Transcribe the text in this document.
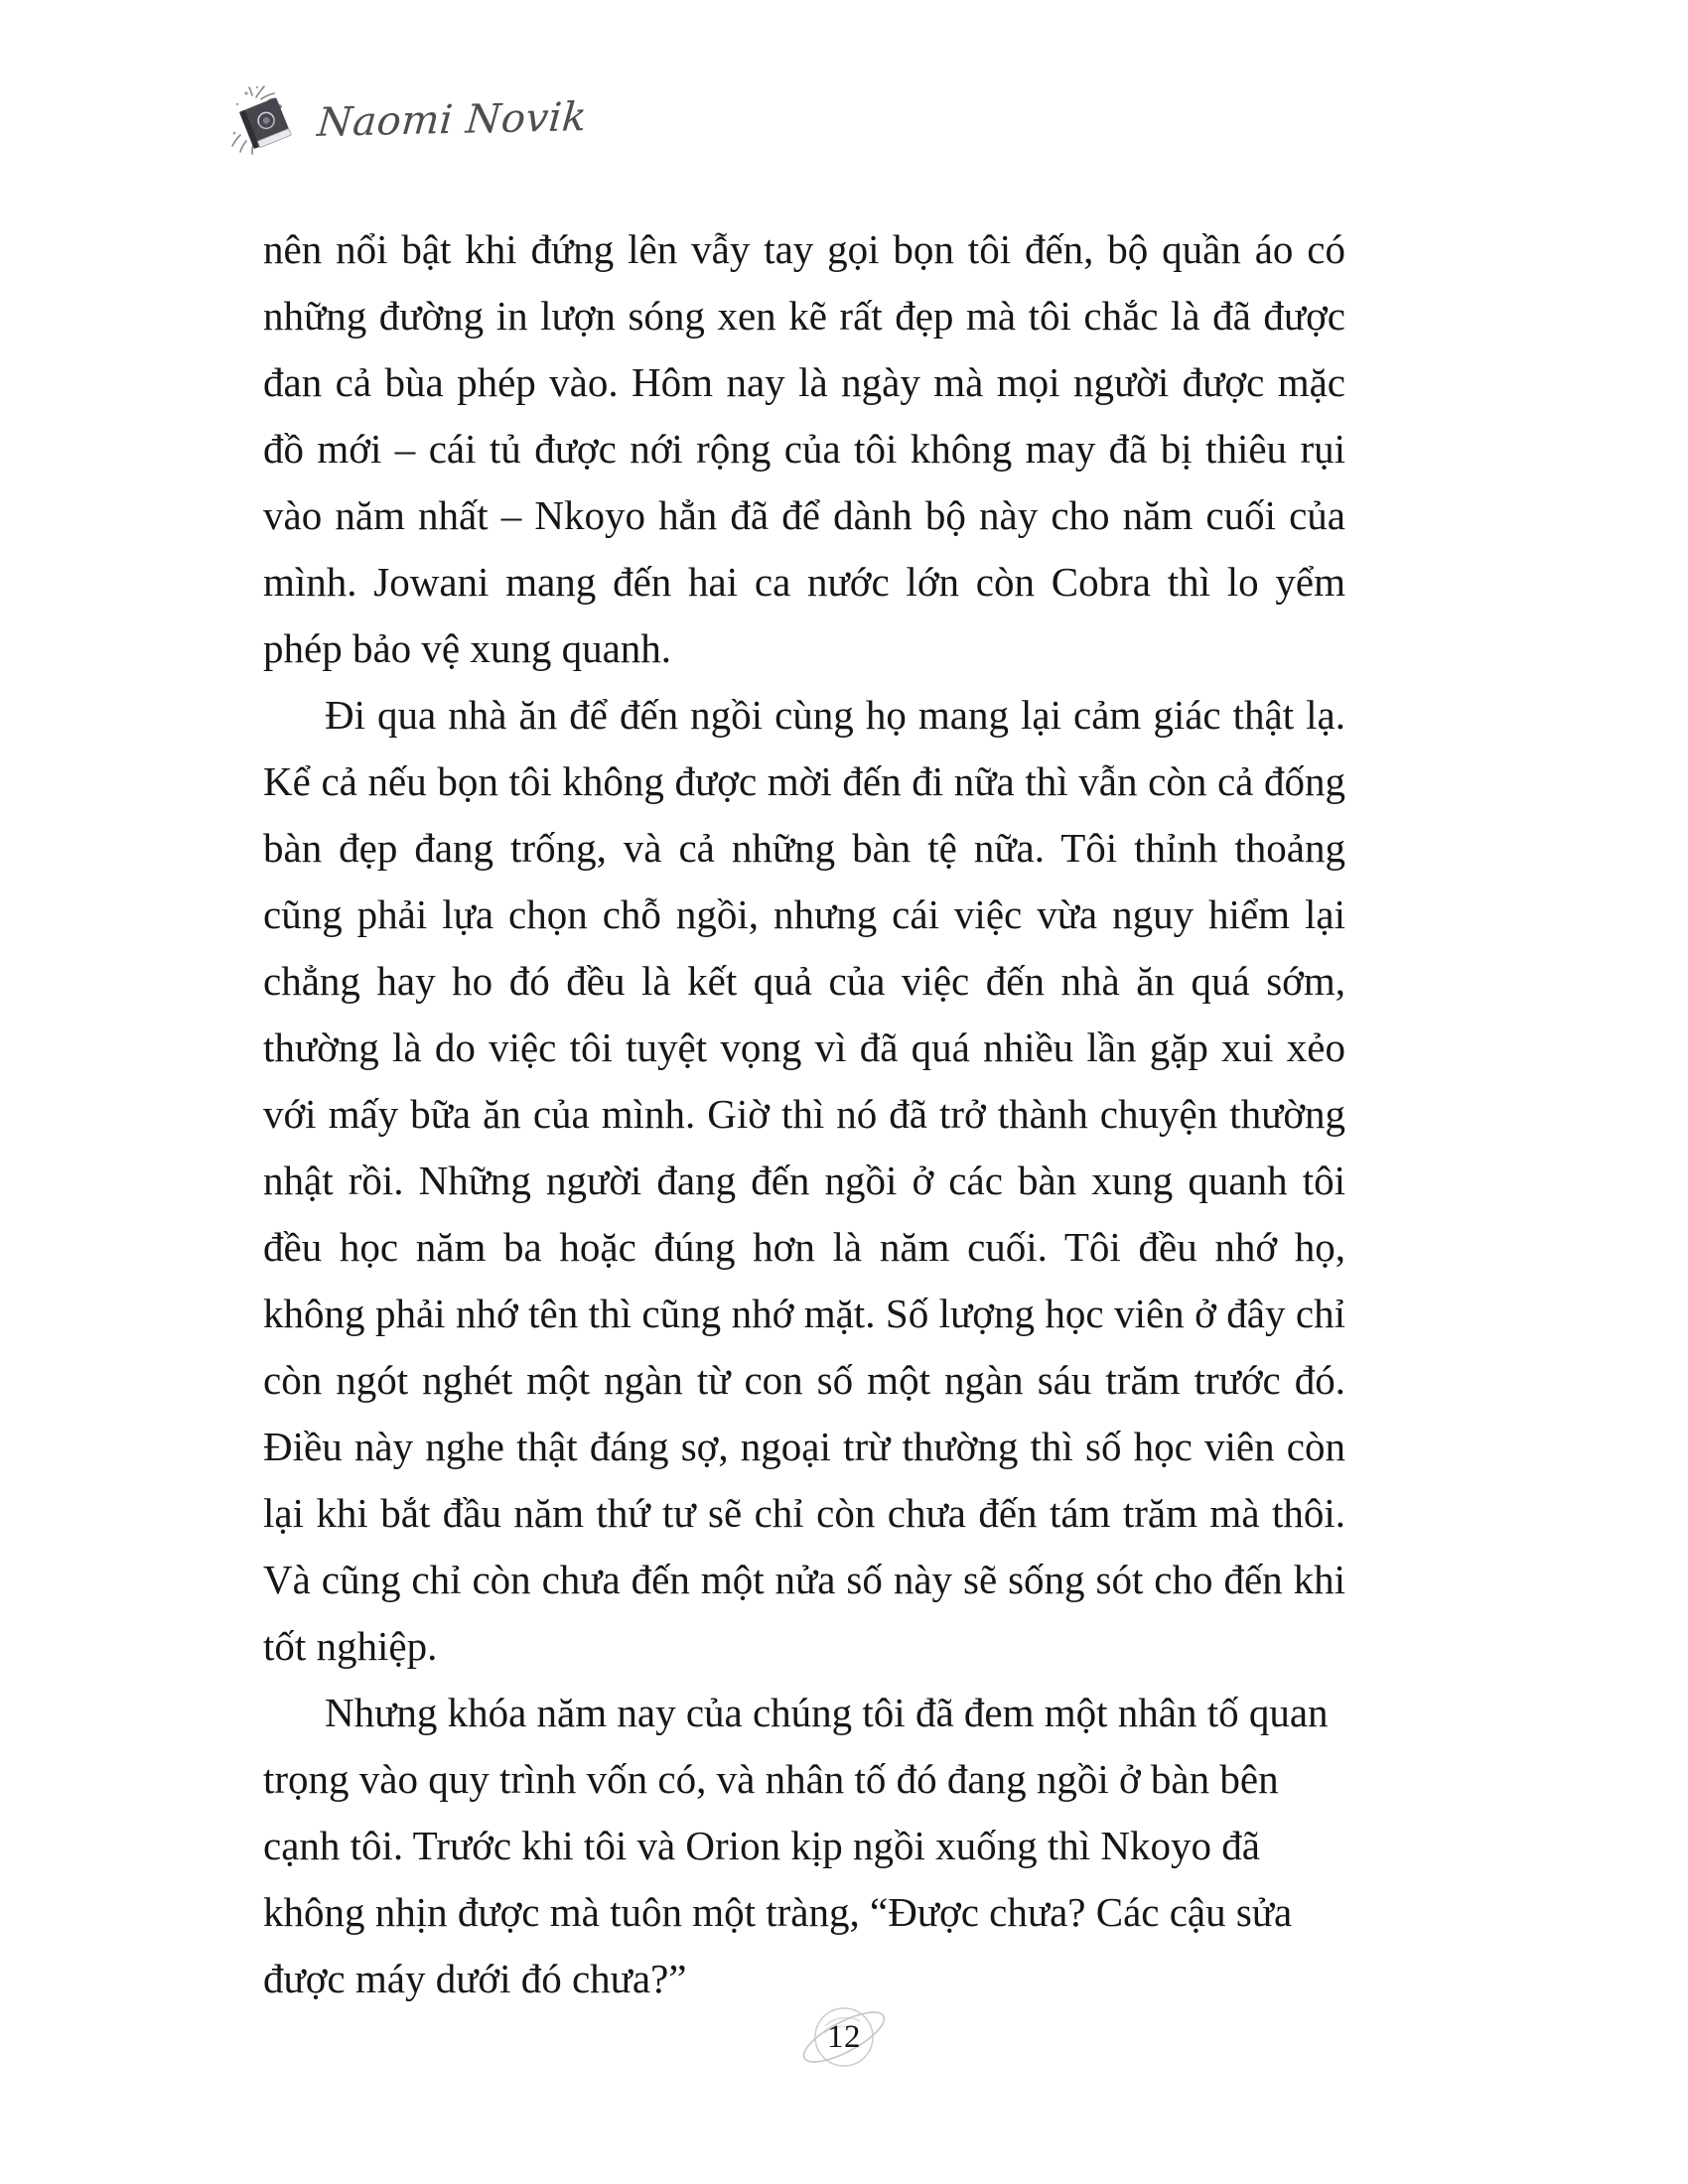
Naomi Novik

nên nổi bật khi đứng lên vẫy tay gọi bọn tôi đến, bộ quần áo có những đường in lượn sóng xen kẽ rất đẹp mà tôi chắc là đã được đan cả bùa phép vào. Hôm nay là ngày mà mọi người được mặc đồ mới – cái tủ được nới rộng của tôi không may đã bị thiêu rụi vào năm nhất – Nkoyo hẳn đã để dành bộ này cho năm cuối của mình. Jowani mang đến hai ca nước lớn còn Cobra thì lo yểm phép bảo vệ xung quanh.

Đi qua nhà ăn để đến ngồi cùng họ mang lại cảm giác thật lạ. Kể cả nếu bọn tôi không được mời đến đi nữa thì vẫn còn cả đống bàn đẹp đang trống, và cả những bàn tệ nữa. Tôi thỉnh thoảng cũng phải lựa chọn chỗ ngồi, nhưng cái việc vừa nguy hiểm lại chẳng hay ho đó đều là kết quả của việc đến nhà ăn quá sớm, thường là do việc tôi tuyệt vọng vì đã quá nhiều lần gặp xui xẻo với mấy bữa ăn của mình. Giờ thì nó đã trở thành chuyện thường nhật rồi. Những người đang đến ngồi ở các bàn xung quanh tôi đều học năm ba hoặc đúng hơn là năm cuối. Tôi đều nhớ họ, không phải nhớ tên thì cũng nhớ mặt. Số lượng học viên ở đây chỉ còn ngót nghét một ngàn từ con số một ngàn sáu trăm trước đó. Điều này nghe thật đáng sợ, ngoại trừ thường thì số học viên còn lại khi bắt đầu năm thứ tư sẽ chỉ còn chưa đến tám trăm mà thôi. Và cũng chỉ còn chưa đến một nửa số này sẽ sống sót cho đến khi tốt nghiệp.

Nhưng khóa năm nay của chúng tôi đã đem một nhân tố quan trọng vào quy trình vốn có, và nhân tố đó đang ngồi ở bàn bên cạnh tôi. Trước khi tôi và Orion kịp ngồi xuống thì Nkoyo đã không nhịn được mà tuôn một tràng, “Được chưa? Các cậu sửa được máy dưới đó chưa?”

12
